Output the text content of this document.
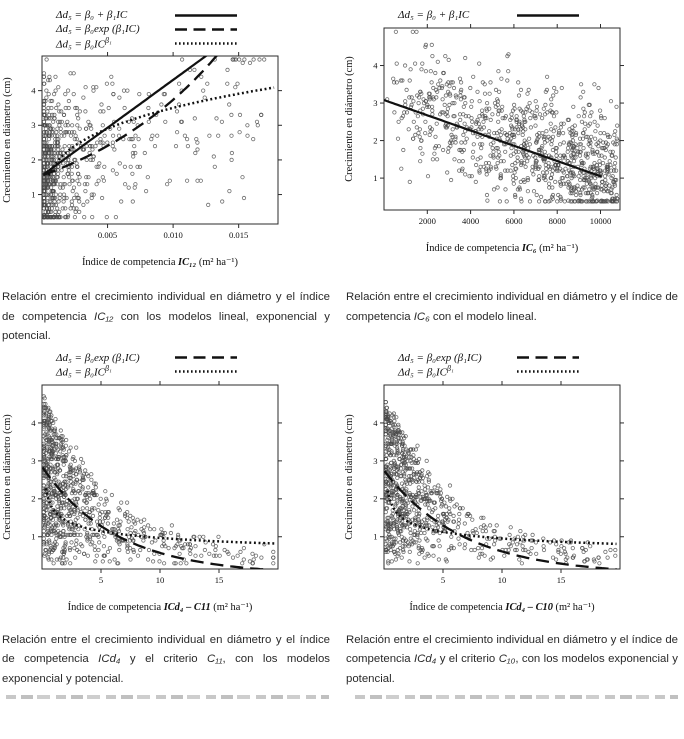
Δd₅ = β₀ + β₁IC
Δd₅ = β₀exp (β₁IC)
$\Delta d_5 = \beta_0IC^{\beta_1}$
0.005	0.010	0.015
1
2
3
4
Crecimiento en diámetro (cm)
Índice de competencia IC₁₂ (m² ha⁻¹)
Δd₅ = β₀ + β₁IC
2000	4000	6000	8000	10000
1
2
3
4
Crecimiento en diámetro (cm)
Índice de competencia IC₆ (m² ha⁻¹)
Relación entre el crecimiento individual en diámetro y el índice de competencia IC₁₂ con los modelos lineal, exponencial y potencial.
Relación entre el crecimiento individual en diámetro y el índice de competencia IC₆ con el modelo lineal.
Δd₅ = β₀exp (β₁IC)
$\Delta d_5 = \beta_0IC^{\beta_1}$
5	10	15
1
2
3
4
Crecimiento en diámetro (cm)
Índice de competencia ICd₄ – C11 (m² ha⁻¹)
Δd₅ = β₀exp (β₁IC)
$\Delta d_5 = \beta_0IC^{\beta_1}$
5	10	15
1
2
3
4
Crecimiento en diámetro (cm)
Índice de competencia ICd₄ – C10 (m² ha⁻¹)
Relación entre el crecimiento individual en diámetro y el índice de competencia ICd₄ y el criterio C₁₁, con los modelos exponencial y potencial.
Relación entre el crecimiento individual en diámetro y el índice de competencia ICd₄ y el criterio C₁₀, con los modelos exponencial y potencial.
